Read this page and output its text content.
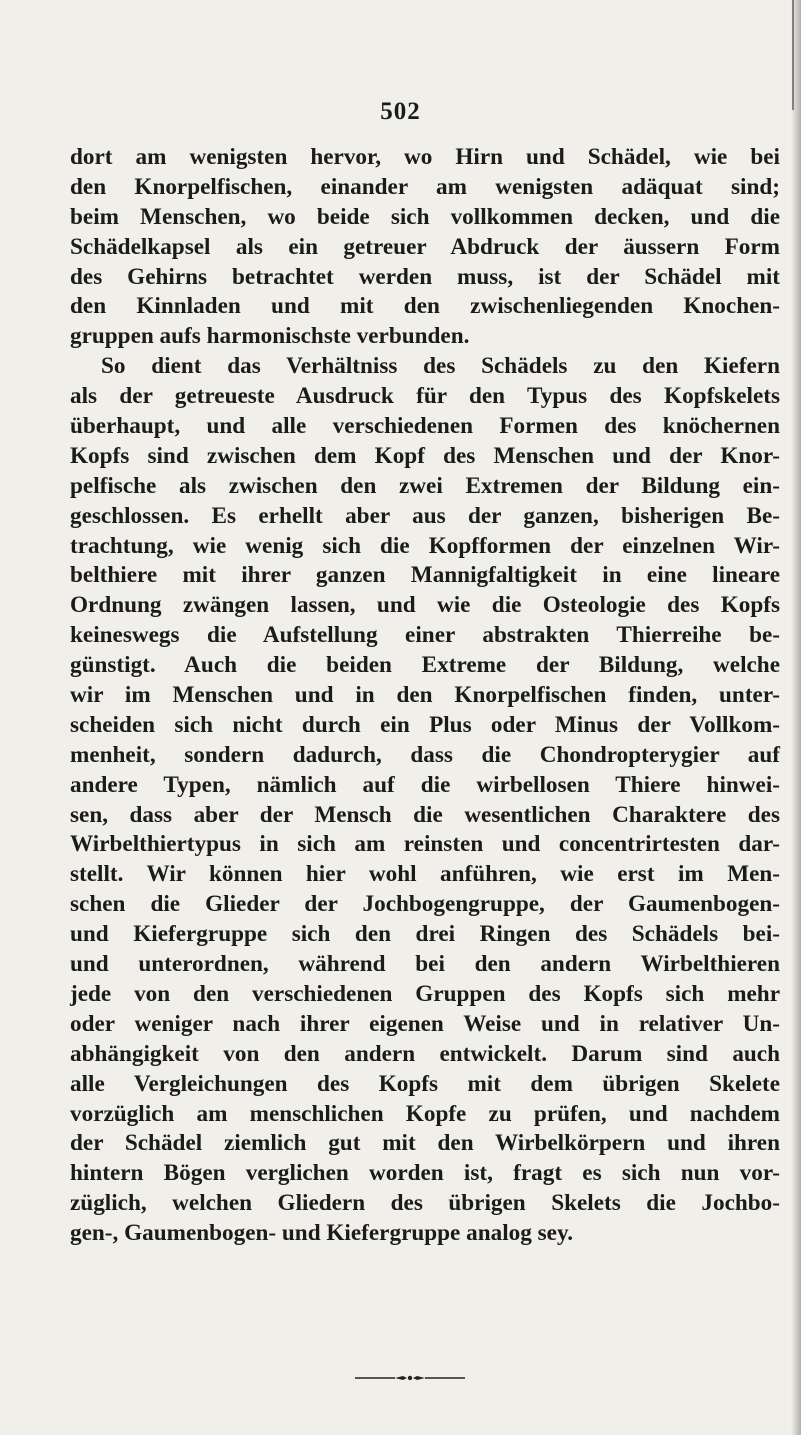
502
dort am wenigsten hervor, wo Hirn und Schädel, wie bei
den Knorpelfischen, einander am wenigsten adäquat sind;
beim Menschen, wo beide sich vollkommen decken, und die
Schädelkapsel als ein getreuer Abdruck der äussern Form
des Gehirns betrachtet werden muss, ist der Schädel mit
den Kinnladen und mit den zwischenliegenden Knochen-
gruppen aufs harmonischste verbunden.
So dient das Verhältniss des Schädels zu den Kiefern
als der getreueste Ausdruck für den Typus des Kopfskelets
überhaupt, und alle verschiedenen Formen des knöchernen
Kopfs sind zwischen dem Kopf des Menschen und der Knor-
pelfische als zwischen den zwei Extremen der Bildung ein-
geschlossen. Es erhellt aber aus der ganzen, bisherigen Be-
trachtung, wie wenig sich die Kopfformen der einzelnen Wir-
belthiere mit ihrer ganzen Mannigfaltigkeit in eine lineare
Ordnung zwängen lassen, und wie die Osteologie des Kopfs
keineswegs die Aufstellung einer abstrakten Thierreihe be-
günstigt. Auch die beiden Extreme der Bildung, welche
wir im Menschen und in den Knorpelfischen finden, unter-
scheiden sich nicht durch ein Plus oder Minus der Vollkom-
menheit, sondern dadurch, dass die Chondropterygier auf
andere Typen, nämlich auf die wirbellosen Thiere hinwei-
sen, dass aber der Mensch die wesentlichen Charaktere des
Wirbelthiertypus in sich am reinsten und concentrirtesten dar-
stellt. Wir können hier wohl anführen, wie erst im Men-
schen die Glieder der Jochbogengruppe, der Gaumenbogen-
und Kiefergruppe sich den drei Ringen des Schädels bei-
und unterordnen, während bei den andern Wirbelthieren
jede von den verschiedenen Gruppen des Kopfs sich mehr
oder weniger nach ihrer eigenen Weise und in relativer Un-
abhängigkeit von den andern entwickelt. Darum sind auch
alle Vergleichungen des Kopfs mit dem übrigen Skelete
vorzüglich am menschlichen Kopfe zu prüfen, und nachdem
der Schädel ziemlich gut mit den Wirbelkörpern und ihren
hintern Bögen verglichen worden ist, fragt es sich nun vor-
züglich, welchen Gliedern des übrigen Skelets die Jochbo-
gen-, Gaumenbogen- und Kiefergruppe analog sey.
